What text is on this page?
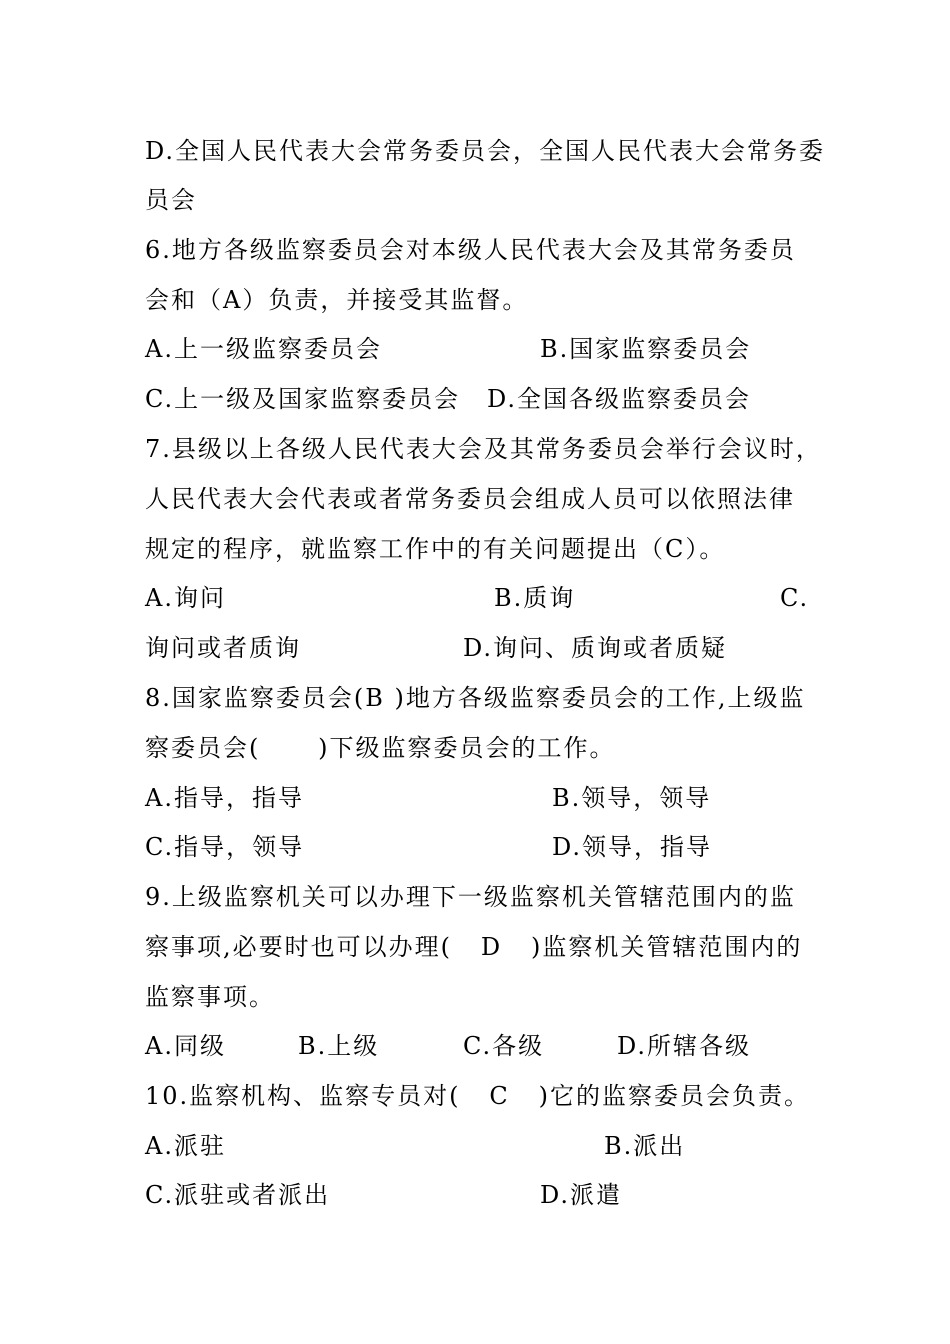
D.全国人民代表大会常务委员会，全国人民代表大会常务委
员会
6.地方各级监察委员会对本级人民代表大会及其常务委员
会和（A）负责，并接受其监督。
A.上一级监察委员会	B.国家监察委员会
C.上一级及国家监察委员会 D.全国各级监察委员会
7.县级以上各级人民代表大会及其常务委员会举行会议时，
人民代表大会代表或者常务委员会组成人员可以依照法律
规定的程序，就监察工作中的有关问题提出（C）。
A.询问	B.质询	C.
询问或者质询	D.询问、质询或者质疑
8.国家监察委员会(B )地方各级监察委员会的工作,上级监
察委员会(      )下级监察委员会的工作。
A.指导，指导	B.领导，领导
C.指导，领导	D.领导，指导
9.上级监察机关可以办理下一级监察机关管辖范围内的监
察事项,必要时也可以办理(   D   )监察机关管辖范围内的
监察事项。
A.同级	B.上级	C.各级	D.所辖各级
10.监察机构、监察专员对(   C   )它的监察委员会负责。
A.派驻	B.派出
C.派驻或者派出	D.派遣
